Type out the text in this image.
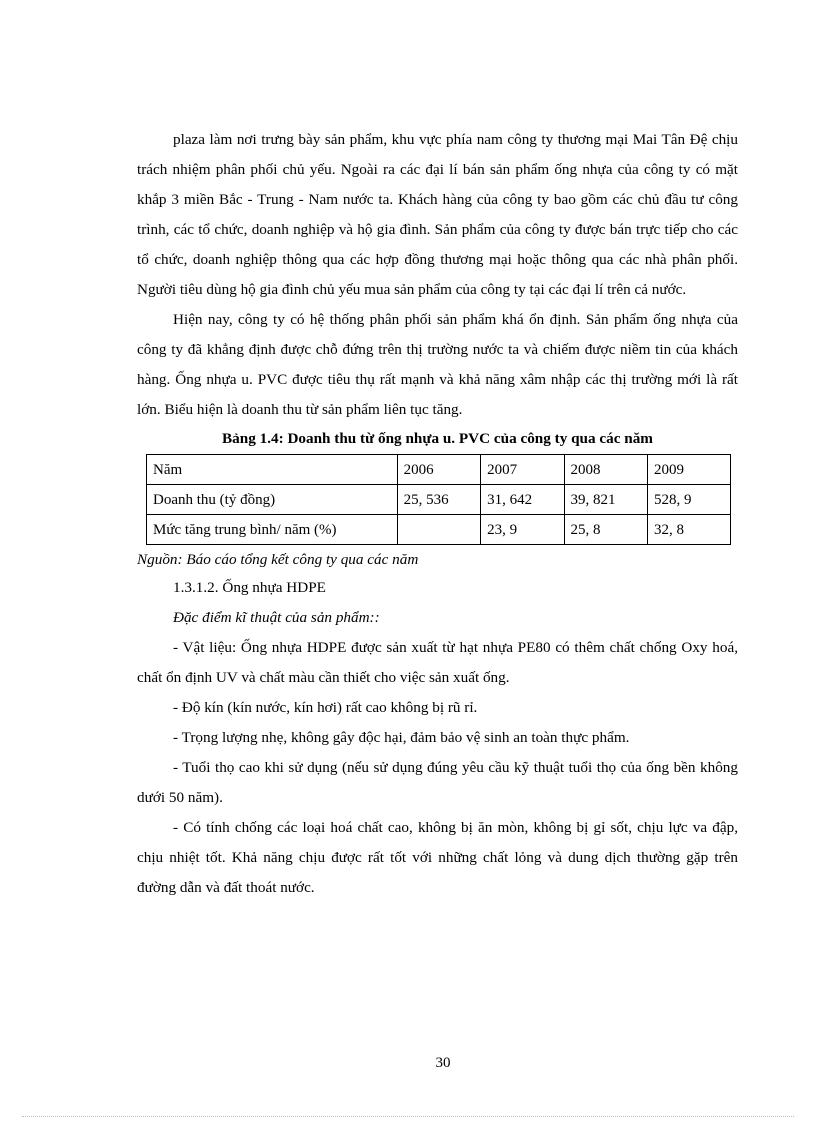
plaza làm nơi trưng bày sản phẩm, khu vực phía nam công ty thương mại Mai Tân Đệ chịu trách nhiệm phân phối chủ yếu. Ngoài ra các đại lí bán sản phẩm ống nhựa của công ty có mặt khắp 3 miền Bắc - Trung - Nam nước ta. Khách hàng của công ty bao gồm các chủ đầu tư công trình, các tổ chức, doanh nghiệp và hộ gia đình. Sản phẩm của công ty được bán trực tiếp cho các tổ chức, doanh nghiệp thông qua các hợp đồng thương mại hoặc thông qua các nhà phân phối. Người tiêu dùng hộ gia đình chủ yếu mua sản phẩm của công ty tại các đại lí trên cả nước.

Hiện nay, công ty có hệ thống phân phối sản phẩm khá ổn định. Sản phẩm ống nhựa của công ty đã khẳng định được chỗ đứng trên thị trường nước ta và chiếm được niềm tin của khách hàng. Ống nhựa u. PVC được tiêu thụ rất mạnh và khả năng xâm nhập các thị trường mới là rất lớn. Biểu hiện là doanh thu từ sản phẩm liên tục tăng.

Bảng 1.4: Doanh thu từ ống nhựa u. PVC của công ty qua các năm
Năm	2006	2007	2008	2009
Doanh thu (tỷ đồng)	25, 536	31, 642	39, 821	528, 9
Mức tăng trung bình/ năm (%)		23, 9	25, 8	32, 8

Nguồn: Báo cáo tổng kết công ty qua các năm

1.3.1.2. Ống nhựa HDPE

Đặc điểm kĩ thuật của sản phẩm::

- Vật liệu: Ống nhựa HDPE được sản xuất từ hạt nhựa PE80 có thêm chất chống Oxy hoá, chất ổn định UV và chất màu cần thiết cho việc sản xuất ống.

- Độ kín (kín nước, kín hơi) rất cao không bị rũ rỉ.

- Trọng lượng nhẹ, không gây độc hại, đảm bảo vệ sinh an toàn thực phẩm.

- Tuổi thọ cao khi sử dụng (nếu sử dụng đúng yêu cầu kỹ thuật tuổi thọ của ống bền không dưới 50 năm).

- Có tính chống các loại hoá chất cao, không bị ăn mòn, không bị gỉ sốt, chịu lực va đập, chịu nhiệt tốt. Khả năng chịu được rất tốt với những chất lỏng và dung dịch thường gặp trên đường dẫn và đất thoát nước.

30
